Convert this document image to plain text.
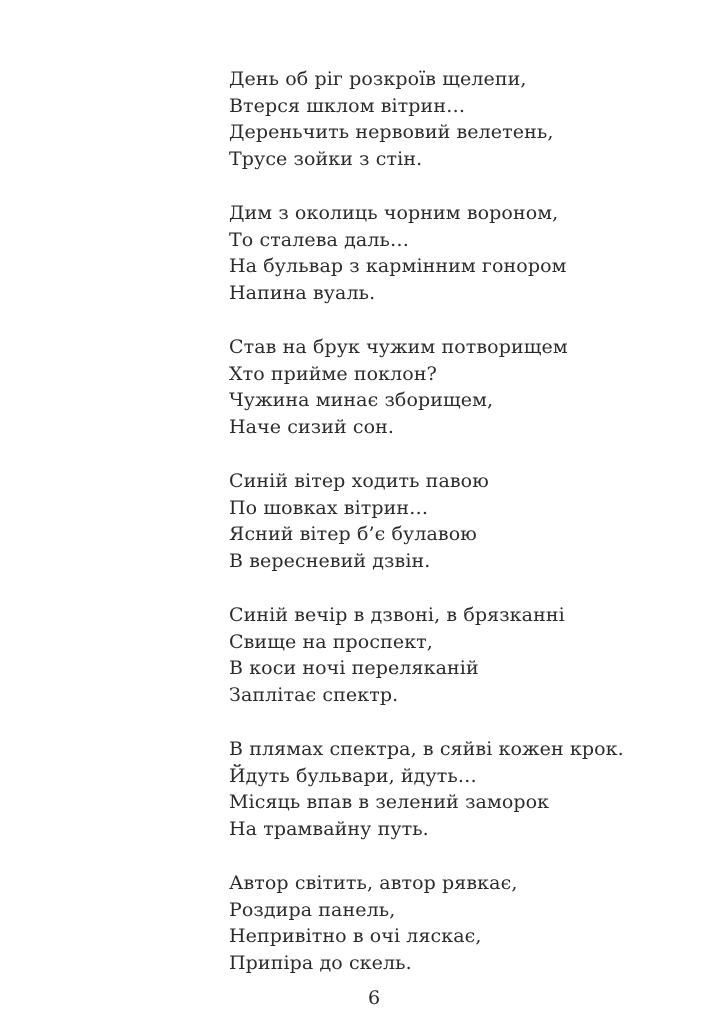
День об ріг розкроїв щелепи,
Втерся шклом вітрин…
Дереньчить нервовий велетень,
Трусе зойки з стін.
Дим з околиць чорним вороном,
То сталева даль…
На бульвар з кармінним гонором
Напина вуаль.
Став на брук чужим потворищем
Хто прийме поклон?
Чужина минає зборищем,
Наче сизий сон.
Синій вітер ходить павою
По шовках вітрин…
Ясний вітер б’є булавою
В вересневий дзвін.
Синій вечір в дзвоні, в брязканні
Свище на проспект,
В коси ночі переляканій
Заплітає спектр.
В плямах спектра, в сяйві кожен крок.
Йдуть бульвари, йдуть…
Місяць впав в зелений заморок
На трамвайну путь.
Автор світить, автор рявкає,
Роздира панель,
Непривітно в очі ляскає,
Припіра до скель.
6
